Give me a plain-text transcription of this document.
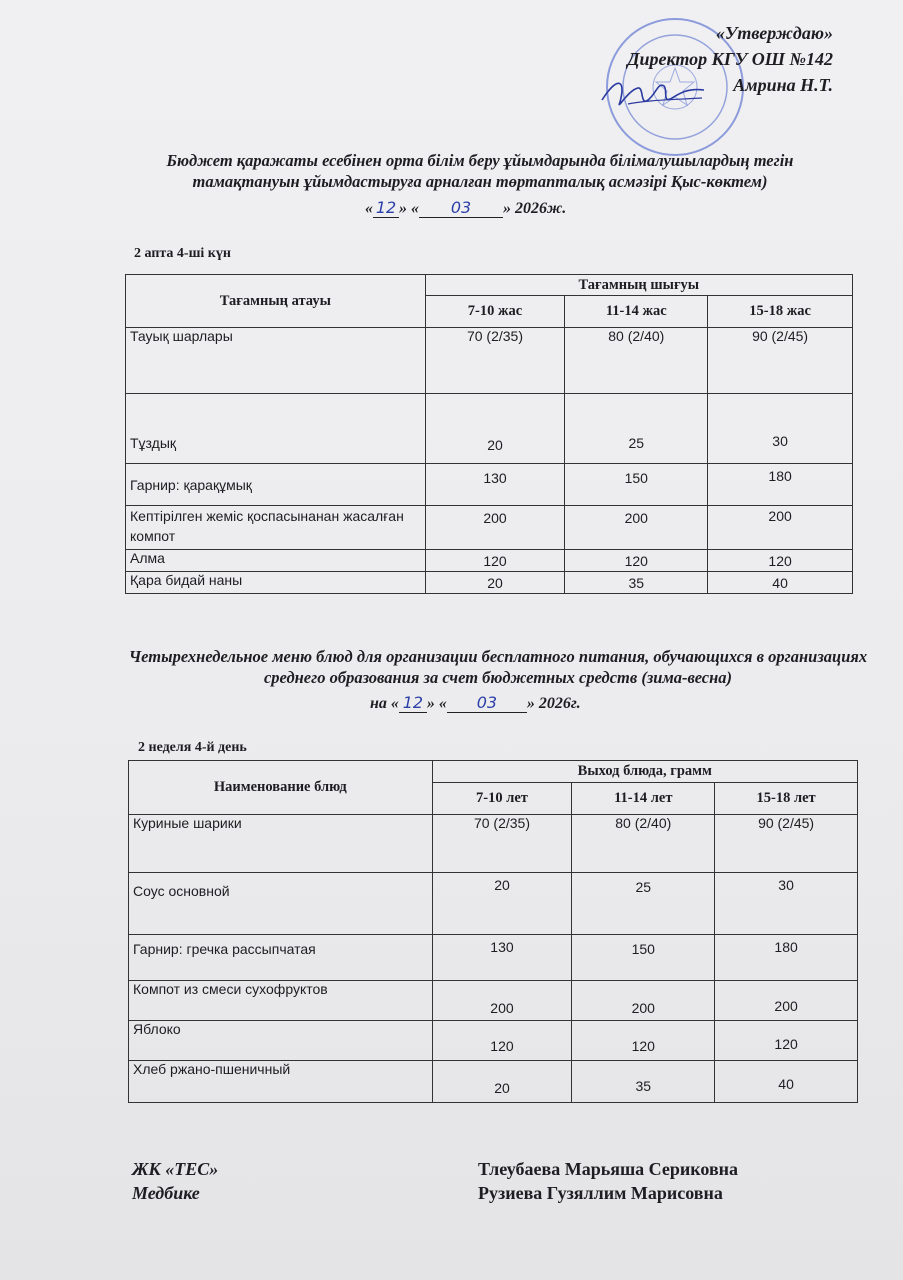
«Утверждаю»
Директор КГУ ОШ №142
Амрина Н.Т.
Бюджет қаражаты есебінен орта білім беру ұйымдарында білімалушылардың тегін тамақтануын ұйымдастыруға арналған төртапталық асмәзірі Қыс-көктем)
« 12 » « 03 » 2026ж.
2 апта 4-ші күн
Тағамның атауы	Тағамның шығуы		
	7-10 жас	11-14 жас	15-18 жас
Тауық шарлары	70 (2/35)	80 (2/40)	90 (2/45)
Тұздық	20	25	30
Гарнир: қарақұмық	130	150	180
Кептірілген жеміс қоспасынанан жасалған компот	200	200	200
Алма	120	120	120
Қара бидай наны	20	35	40
Четырехнедельное меню блюд для организации бесплатного питания, обучающихся в организациях среднего образования за счет бюджетных средств (зима-весна)
на « 12 » « 03 » 2026г.
2 неделя 4-й день
Наименование блюд	Выход блюда, грамм		
	7-10 лет	11-14 лет	15-18 лет
Куриные шарики	70 (2/35)	80 (2/40)	90 (2/45)
Соус основной	20	25	30
Гарнир: гречка рассыпчатая	130	150	180
Компот из смеси сухофруктов	200	200	200
Яблоко	120	120	120
Хлеб ржано-пшеничный	20	35	40
ЖК «ТЕС»
Медбике
Тлеубаева Марьяша Сериковна
Рузиева Гузяллим Марисовна
